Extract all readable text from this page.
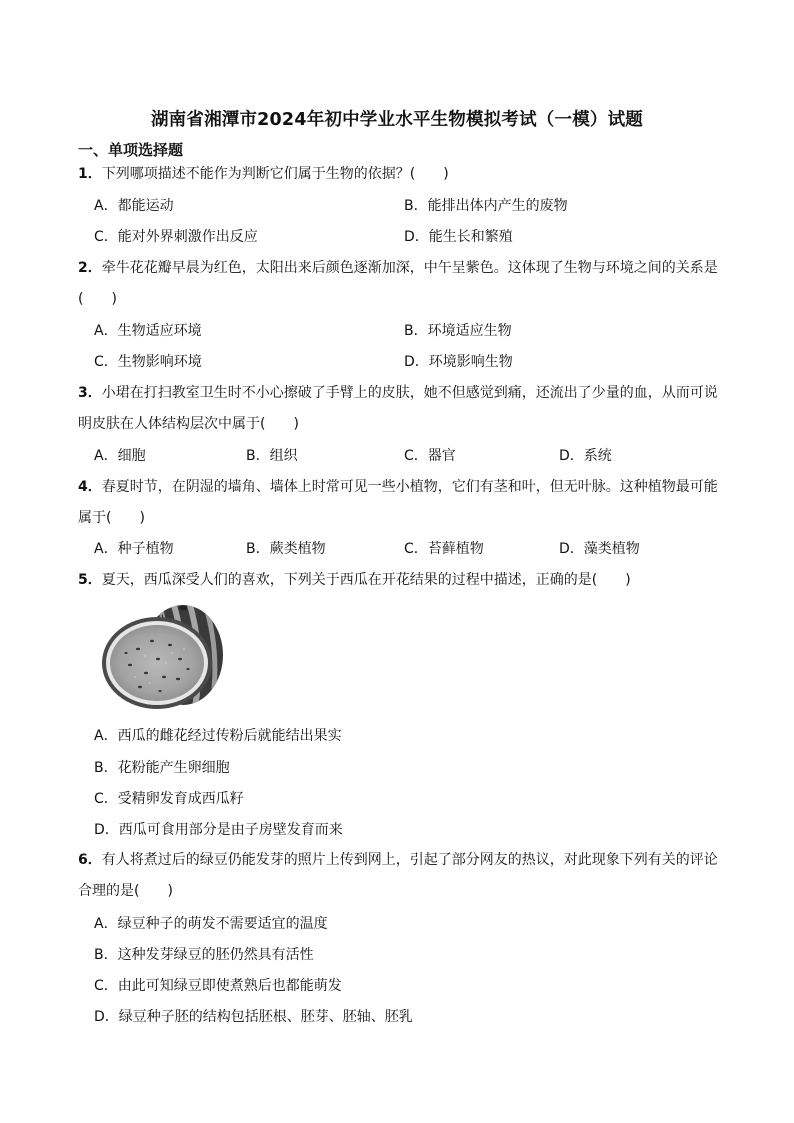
湖南省湘潭市2024年初中学业水平生物模拟考试（一模）试题
一、单项选择题
1．下列哪项描述不能作为判断它们属于生物的依据？(　　)
A．都能运动	B．能排出体内产生的废物
C．能对外界刺激作出反应	D．能生长和繁殖
2．牵牛花花瓣早晨为红色，太阳出来后颜色逐渐加深，中午呈紫色。这体现了生物与环境之间的关系是(　　)
A．生物适应环境	B．环境适应生物
C．生物影响环境	D．环境影响生物
3．小珺在打扫教室卫生时不小心擦破了手臂上的皮肤，她不但感觉到痛，还流出了少量的血，从而可说明皮肤在人体结构层次中属于(　　)
A．细胞	B．组织	C．器官	D．系统
4．春夏时节，在阴湿的墙角、墙体上时常可见一些小植物，它们有茎和叶，但无叶脉。这种植物最可能属于(　　)
A．种子植物	B．蕨类植物	C．苔藓植物	D．藻类植物
5．夏天，西瓜深受人们的喜欢，下列关于西瓜在开花结果的过程中描述，正确的是(　　)
A．西瓜的雌花经过传粉后就能结出果实
B．花粉能产生卵细胞
C．受精卵发育成西瓜籽
D．西瓜可食用部分是由子房壁发育而来
6．有人将煮过后的绿豆仍能发芽的照片上传到网上，引起了部分网友的热议，对此现象下列有关的评论合理的是(　　)
A．绿豆种子的萌发不需要适宜的温度
B．这种发芽绿豆的胚仍然具有活性
C．由此可知绿豆即使煮熟后也都能萌发
D．绿豆种子胚的结构包括胚根、胚芽、胚轴、胚乳
